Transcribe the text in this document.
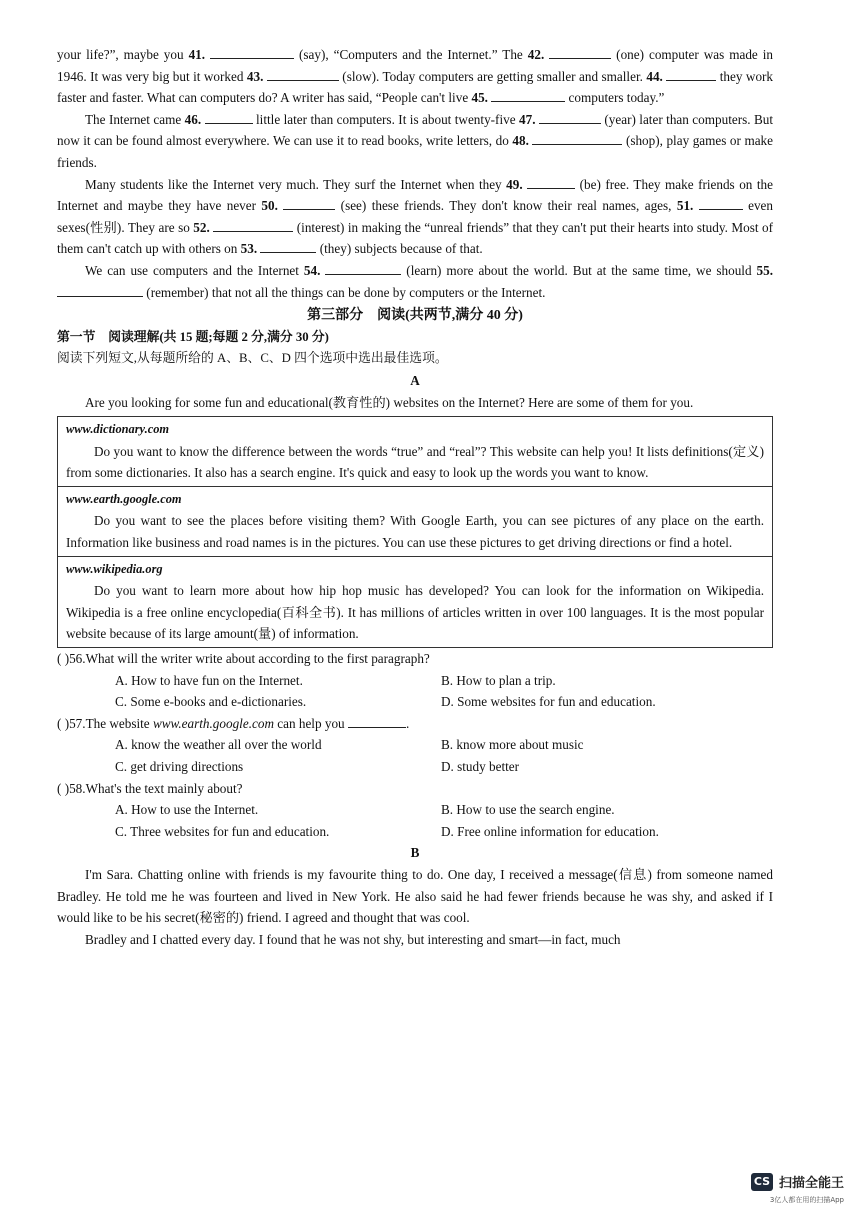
your life?”, maybe you 41.	(say), “Computers and the Internet.” The 42.	(one) computer was made in 1946. It was very big but it worked 43.	(slow). Today computers are getting smaller and smaller. 44.	they work faster and faster. What can computers do? A writer has said, “People can't live 45.	computers today.”

The Internet came 46.	little later than computers. It is about twenty-five 47.	(year) later than computers. But now it can be found almost everywhere. We can use it to read books, write letters, do 48.	(shop), play games or make friends.

Many students like the Internet very much. They surf the Internet when they 49.	(be) free. They make friends on the Internet and maybe they have never 50.	(see) these friends. They don't know their real names, ages, 51.	even sexes(性别). They are so 52.	(interest) in making the “unreal friends” that they can't put their hearts into study. Most of them can't catch up with others on 53.	(they) subjects because of that.

We can use computers and the Internet 54.	(learn) more about the world. But at the same time, we should 55.  (remember) that not all the things can be done by computers or the Internet.

第三部分　阅读(共两节,满分 40 分)
第一节　阅读理解(共 15 题;每题 2 分,满分 30 分)
阅读下列短文,从每题所给的 A、B、C、D 四个选项中选出最佳选项。
A

Are you looking for some fun and educational(教育性的) websites on the Internet? Here are some of them for you.

www.dictionary.com

Do you want to know the difference between the words “true” and “real”? This website can help you! It lists definitions(定义) from some dictionaries. It also has a search engine. It's quick and easy to look up the words you want to know.

www.earth.google.com

Do you want to see the places before visiting them? With Google Earth, you can see pictures of any place on the earth. Information like business and road names is in the pictures. You can use these pictures to get driving directions or find a hotel.

www.wikipedia.org

Do you want to learn more about how hip hop music has developed? You can look for the information on Wikipedia. Wikipedia is a free online encyclopedia(百科全书). It has millions of articles written in over 100 languages. It is the most popular website because of its large amount(量) of information.

( )56.What will the writer write about according to the first paragraph?
A. How to have fun on the Internet.	B. How to plan a trip.
C. Some e-books and e-dictionaries.	D. Some websites for fun and education.
( )57.The website www.earth.google.com can help you	.
A. know the weather all over the world	B. know more about music
C. get driving directions	D. study better
( )58.What's the text mainly about?
A. How to use the Internet.	B. How to use the search engine.
C. Three websites for fun and education.	D. Free online information for education.
B

I'm Sara. Chatting online with friends is my favourite thing to do. One day, I received a message(信息) from someone named Bradley. He told me he was fourteen and lived in New York. He also said he had fewer friends because he was shy, and asked if I would like to be his secret(秘密的) friend. I agreed and thought that was cool.

Bradley and I chatted every day. I found that he was not shy, but interesting and smart—in fact, much

CS 扫描全能王
3亿人都在用的扫描App
